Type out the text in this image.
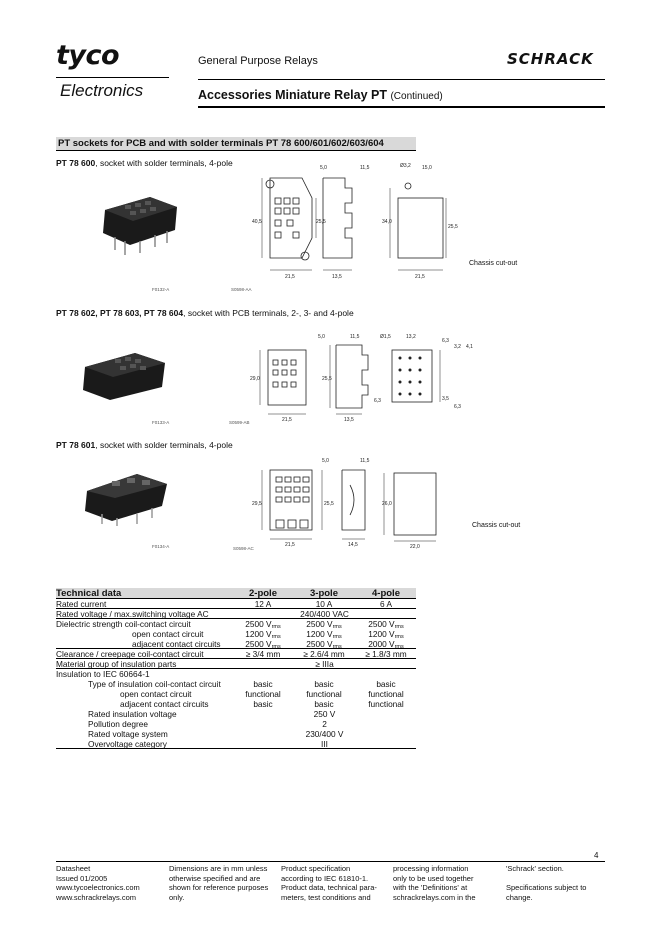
tyco
Electronics
General Purpose Relays	SCHRACK
Accessories Miniature Relay PT (Continued)
PT sockets for PCB and with solder terminals PT 78 600/601/602/603/604
PT 78 600, socket with solder terminals, 4-pole
F0132-A	S0598-AA
5,0	11,5	Ø3,2 15,0
40,5	25,5	34,0
25,5
21,5	13,5	21,5
Chassis cut-out
PT 78 602, PT 78 603, PT 78 604, socket with PCB terminals, 2-, 3- and 4-pole
F0133-A	S0599-AB
5,0	11,5	Ø1,5	13,2
6,3
3,2 4,1
29,0	25,5
21,5	13,5
6,3	3,5
6,3
PT 78 601, socket with solder terminals, 4-pole
F0134-A	S0598-AC
5,0	11,5
29,5	25,5	26,0
21,5	14,5	22,0
Chassis cut-out
Technical data	2-pole	3-pole	4-pole
Rated current	12 A	10 A	6 A
Rated voltage / max.switching voltage AC	240/400 VAC
Dielectric strength coil-contact circuit	2500 $V_{rms}$	2500 $V_{rms}$	2500 $V_{rms}$
open contact circuit	1200 $V_{rms}$	1200 $V_{rms}$	1200 $V_{rms}$
adjacent contact circuits	2500 $V_{rms}$	2500 $V_{rms}$	2000 $V_{rms}$
Clearance / creepage coil-contact circuit	≥ 3/4 mm	≥ 2.6/4 mm	≥ 1.8/3 mm
Material group of insulation parts	≥ IIIa
Insulation to IEC 60664-1
Type of insulation coil-contact circuit	basic	basic	basic
open contact circuit	functional	functional	functional
adjacent contact circuits	basic	basic	functional
Rated insulation voltage	250 V
Pollution degree	2
Rated voltage system	230/400 V
Overvoltage category	III
4
Datasheet
Issued 01/2005
www.tycoelectronics.com
www.schrackrelays.com
Dimensions are in mm unless
otherwise specified and are
shown for reference purposes
only.
Product specification
according to IEC 61810-1.
Product data, technical para-
meters, test conditions and
processing information
only to be used together
with the 'Definitions' at
schrackrelays.com in the
'Schrack' section.

Specifications subject to
change.
